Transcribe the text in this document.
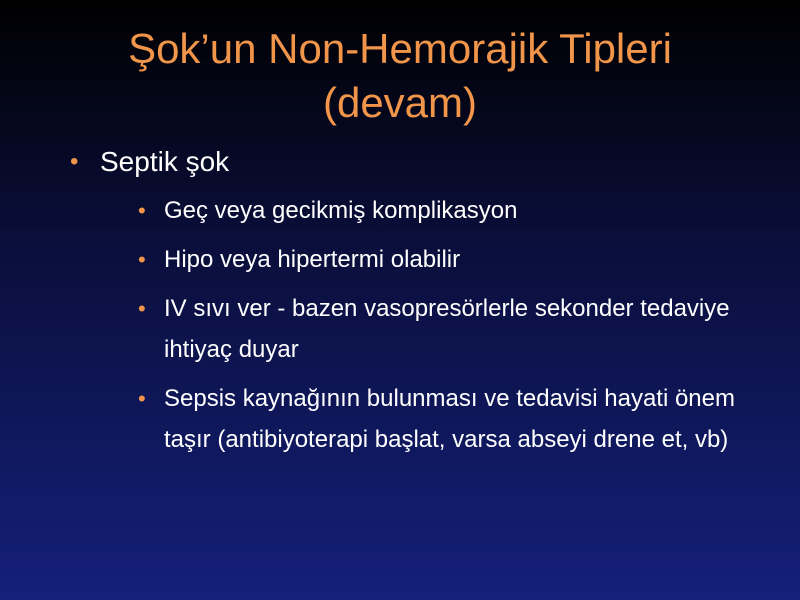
Şok’un Non-Hemorajik Tipleri
(devam)
• Septik şok
• Geç veya gecikmiş komplikasyon
• Hipo veya hipertermi olabilir
• IV sıvı ver - bazen vasopresörlerle sekonder tedaviye ihtiyaç duyar
• Sepsis kaynağının bulunması ve tedavisi hayati önem taşır (antibiyoterapi başlat, varsa abseyi drene et, vb)
